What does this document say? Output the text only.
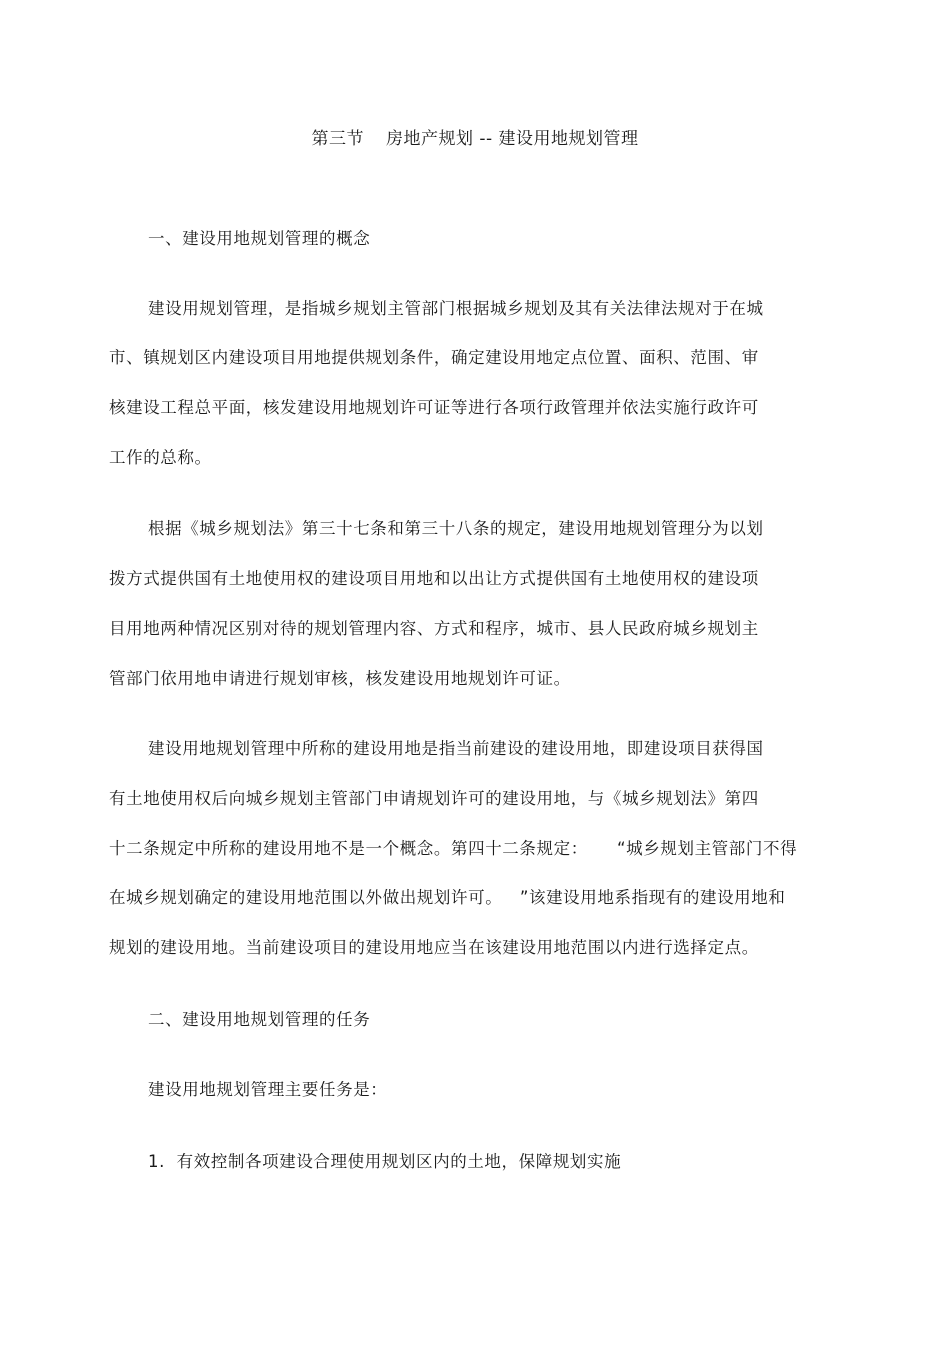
第三节 房地产规划 -- 建设用地规划管理
一、建设用地规划管理的概念
建设用规划管理，是指城乡规划主管部门根据城乡规划及其有关法律法规对于在城
市、镇规划区内建设项目用地提供规划条件，确定建设用地定点位置、面积、范围、审
核建设工程总平面，核发建设用地规划许可证等进行各项行政管理并依法实施行政许可
工作的总称。
根据《城乡规划法》第三十七条和第三十八条的规定，建设用地规划管理分为以划
拨方式提供国有土地使用权的建设项目用地和以出让方式提供国有土地使用权的建设项
目用地两种情况区别对待的规划管理内容、方式和程序，城市、县人民政府城乡规划主
管部门依用地申请进行规划审核，核发建设用地规划许可证。
建设用地规划管理中所称的建设用地是指当前建设的建设用地，即建设项目获得国
有土地使用权后向城乡规划主管部门申请规划许可的建设用地，与《城乡规划法》第四
十二条规定中所称的建设用地不是一个概念。第四十二条规定：     “城乡规划主管部门不得
在城乡规划确定的建设用地范围以外做出规划许可。   ”该建设用地系指现有的建设用地和
规划的建设用地。当前建设项目的建设用地应当在该建设用地范围以内进行选择定点。
二、建设用地规划管理的任务
建设用地规划管理主要任务是：
1.  有效控制各项建设合理使用规划区内的土地，保障规划实施
